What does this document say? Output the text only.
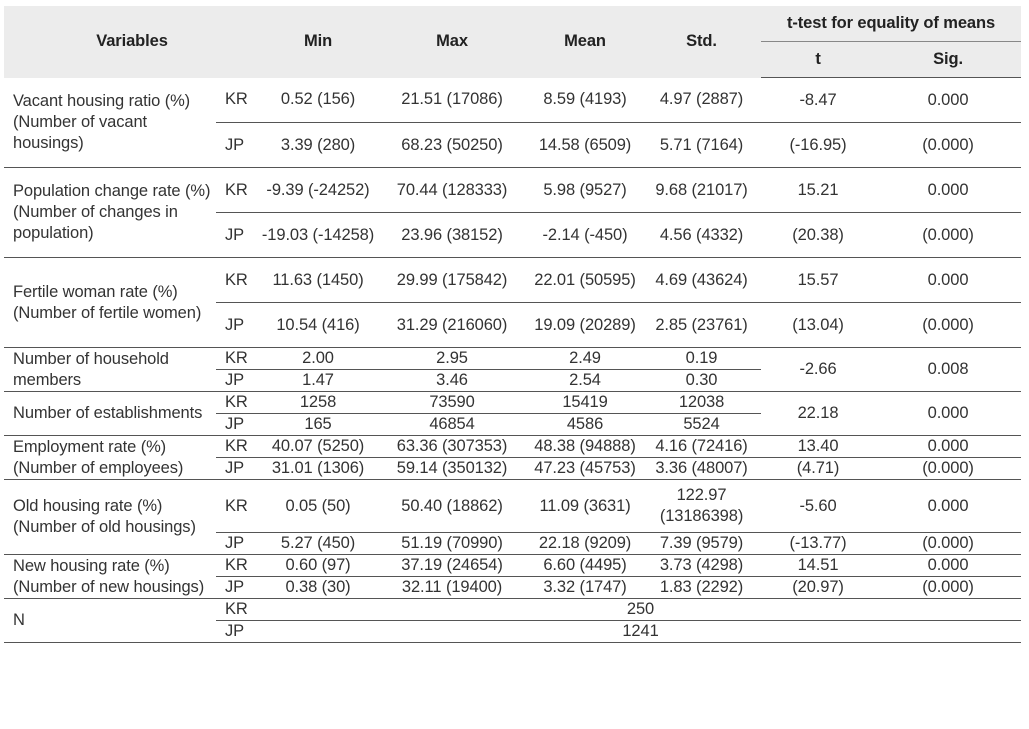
Variables		Min	Max	Mean	Std.	t-test for equality of means	
						t	Sig.
Vacant housing ratio (%) (Number of vacant housings)	KR	0.52 (156)	21.51 (17086)	8.59 (4193)	4.97 (2887)	-8.47	0.000
	JP	3.39 (280)	68.23 (50250)	14.58 (6509)	5.71 (7164)	(-16.95)	(0.000)
Population change rate (%) (Number of changes in population)	KR	-9.39 (-24252)	70.44 (128333)	5.98 (9527)	9.68 (21017)	15.21	0.000
	JP	-19.03 (-14258)	23.96 (38152)	-2.14 (-450)	4.56 (4332)	(20.38)	(0.000)
Fertile woman rate (%) (Number of fertile women)	KR	11.63 (1450)	29.99 (175842)	22.01 (50595)	4.69 (43624)	15.57	0.000
	JP	10.54 (416)	31.29 (216060)	19.09 (20289)	2.85 (23761)	(13.04)	(0.000)
Number of household members	KR	2.00	2.95	2.49	0.19	-2.66	0.008
	JP	1.47	3.46	2.54	0.30		
Number of establishments	KR	1258	73590	15419	12038	22.18	0.000
	JP	165	46854	4586	5524		
Employment rate (%) (Number of employees)	KR	40.07 (5250)	63.36 (307353)	48.38 (94888)	4.16 (72416)	13.40	0.000
	JP	31.01 (1306)	59.14 (350132)	47.23 (45753)	3.36 (48007)	(4.71)	(0.000)
Old housing rate (%) (Number of old housings)	KR	0.05 (50)	50.40 (18862)	11.09 (3631)	122.97 (13186398)	-5.60	0.000
	JP	5.27 (450)	51.19 (70990)	22.18 (9209)	7.39 (9579)	(-13.77)	(0.000)
New housing rate (%) (Number of new housings)	KR	0.60 (97)	37.19 (24654)	6.60 (4495)	3.73 (4298)	14.51	0.000
	JP	0.38 (30)	32.11 (19400)	3.32 (1747)	1.83 (2292)	(20.97)	(0.000)
N	KR	250					
	JP	1241					
